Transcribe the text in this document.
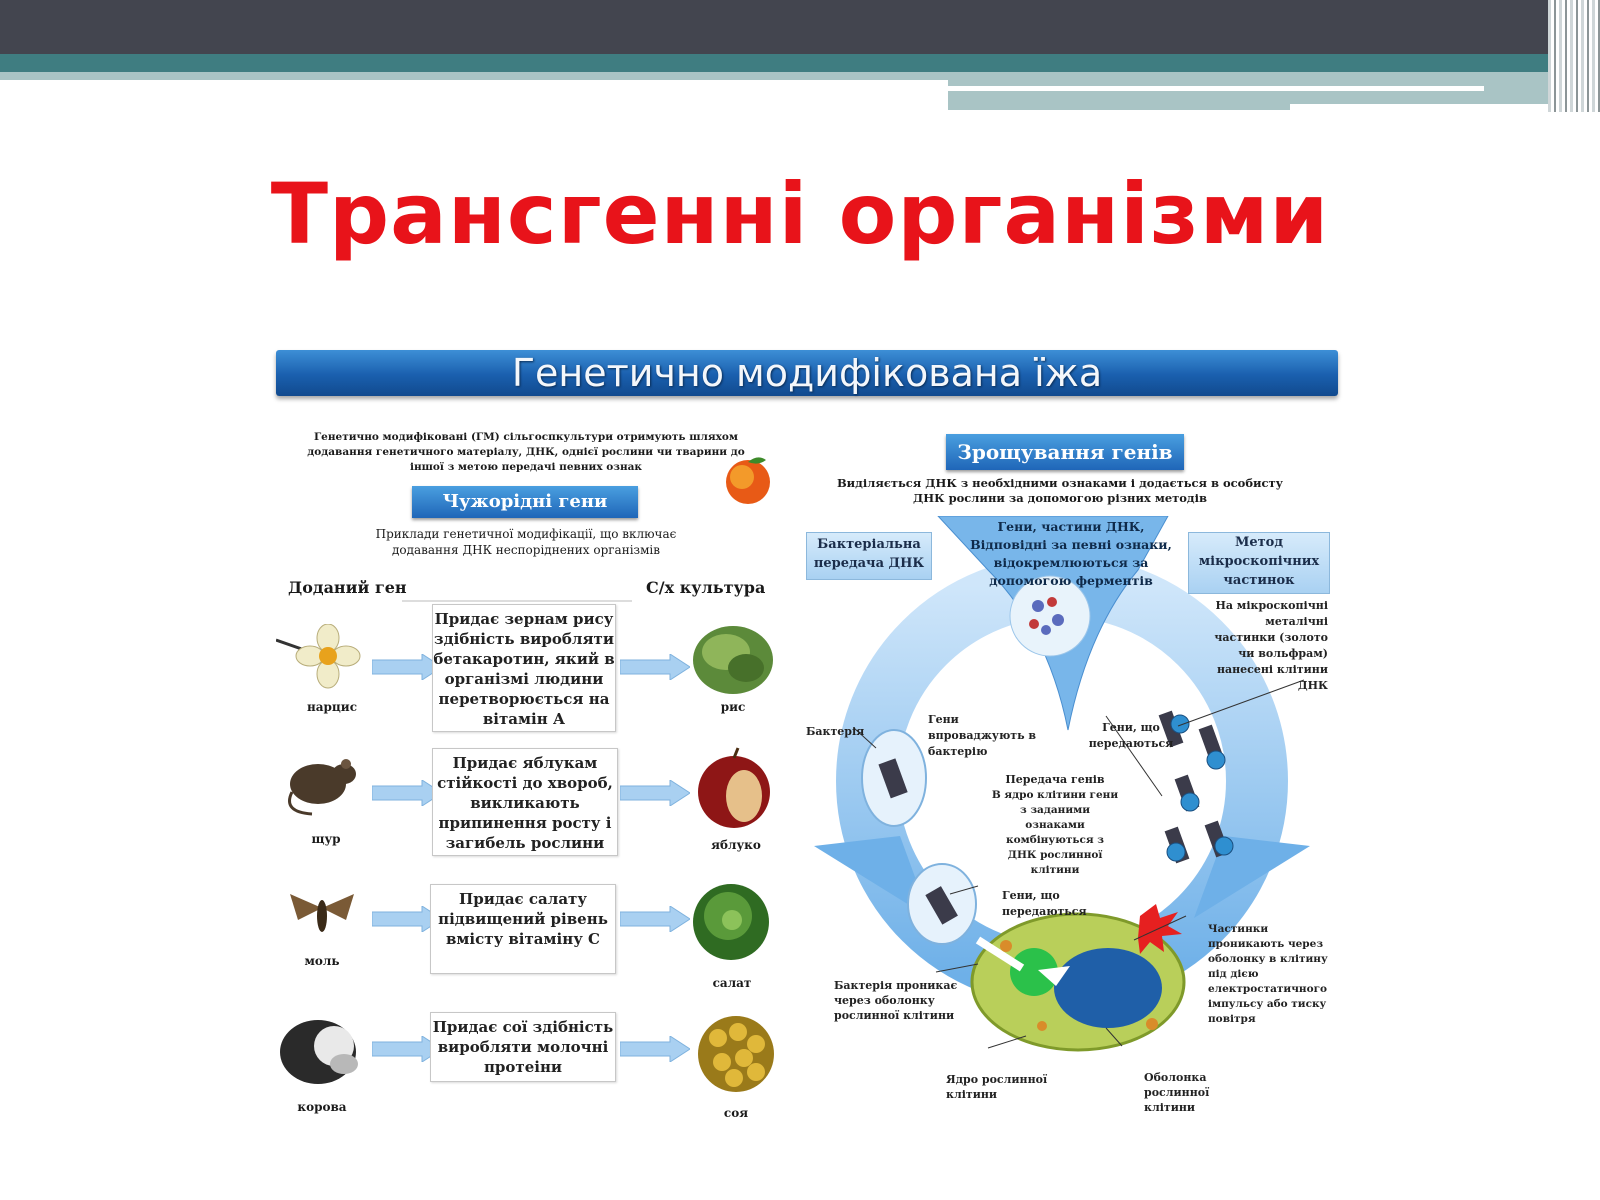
Трансгенні організми
Генетично модифікована їжа
Генетично модифіковані (ГМ) сільгоспкультури отримують шляхом додавання генетичного матеріалу, ДНК, однієї рослини чи тварини до іншої з метою передачі певних ознак
Чужорідні гени
Приклади генетичної модифікації, що включає додавання ДНК неспоріднених організмів
Доданий ген	С/х культура
нарцис
Придає зернам рису здібність виробляти бетакаротин, який в організмі людини перетворюється на вітамін А
рис
щур
Придає яблукам стійкості до хвороб, викликають припинення росту і загибель рослини	яблуко
моль
Придає салату підвищений рівень вмісту вітаміну С
салат
корова
Придає сої здібність виробляти молочні протеіни
соя
Зрощування генів
Виділяється ДНК з необхідними ознаками і додається в особисту ДНК рослини за допомогою різних методів
Бактеріальна передача ДНК
Метод мікроскопічних частинок
Гени, частини ДНК, Відповідні за певні ознаки, відокремлюються за допомогою ферментів
На мікроскопічні металічні частинки (золото чи вольфрам) нанесені клітини ДНК
Бактерія
Гени впроваджують в бактерію
Гени, що передаються
Передача генів
В ядро клітини гени з заданими ознаками комбінуються з ДНК рослинної клітини
Гени, що передаються
Бактерія проникає через оболонку рослинної клітини
Частинки проникають через оболонку в клітину під дією електростатичного імпульсу або тиску повітря
Ядро рослинної клітини
Оболонка рослинної клітини
